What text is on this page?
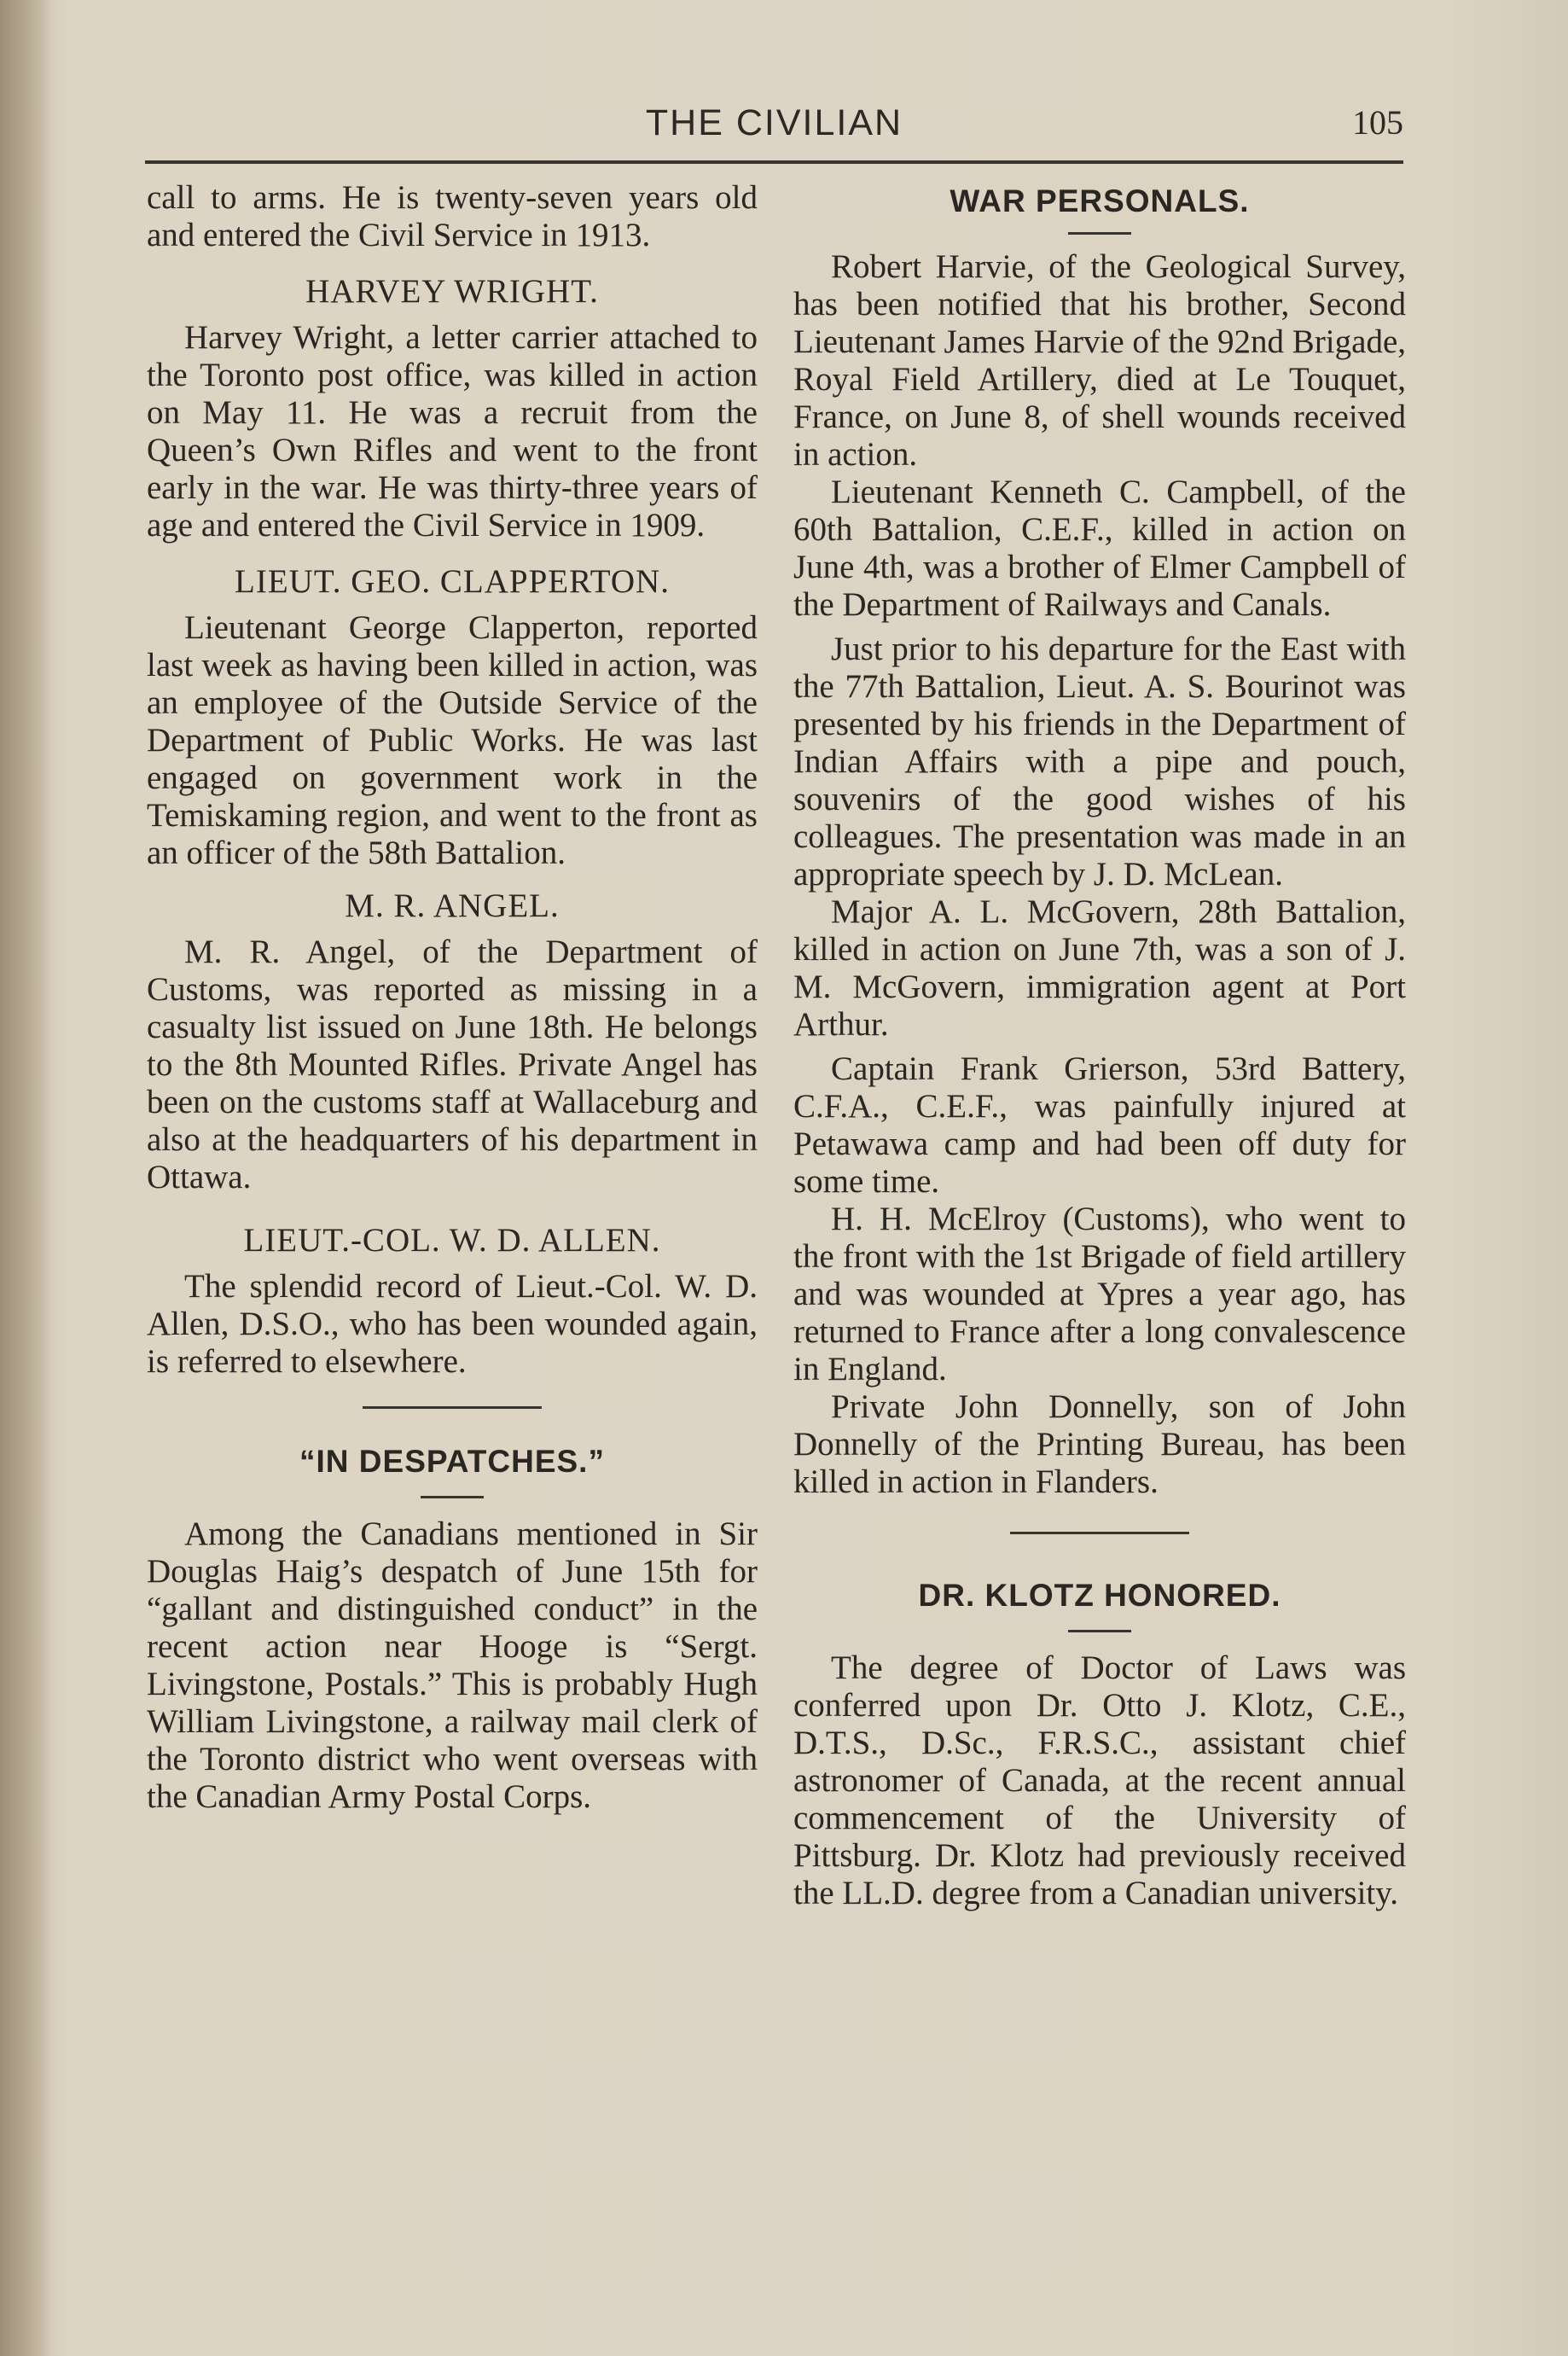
THE CIVILIAN	105

call to arms. He is twenty-seven years old and entered the Civil Service in 1913.

HARVEY WRIGHT.

Harvey Wright, a letter carrier attached to the Toronto post office, was killed in action on May 11. He was a recruit from the Queen’s Own Rifles and went to the front early in the war. He was thirty-three years of age and entered the Civil Service in 1909.

LIEUT. GEO. CLAPPERTON.

Lieutenant George Clapperton, reported last week as having been killed in action, was an employee of the Outside Service of the Department of Public Works. He was last engaged on government work in the Temiskaming region, and went to the front as an officer of the 58th Battalion.

M. R. ANGEL.

M. R. Angel, of the Department of Customs, was reported as missing in a casualty list issued on June 18th. He belongs to the 8th Mounted Rifles. Private Angel has been on the customs staff at Wallaceburg and also at the headquarters of his department in Ottawa.

LIEUT.-COL. W. D. ALLEN.

The splendid record of Lieut.-Col. W. D. Allen, D.S.O., who has been wounded again, is referred to elsewhere.

“IN DESPATCHES.”

Among the Canadians mentioned in Sir Douglas Haig’s despatch of June 15th for “gallant and distinguished conduct” in the recent action near Hooge is “Sergt. Livingstone, Postals.” This is probably Hugh William Livingstone, a railway mail clerk of the Toronto district who went overseas with the Canadian Army Postal Corps.

WAR PERSONALS.

Robert Harvie, of the Geological Survey, has been notified that his brother, Second Lieutenant James Harvie of the 92nd Brigade, Royal Field Artillery, died at Le Touquet, France, on June 8, of shell wounds received in action.

Lieutenant Kenneth C. Campbell, of the 60th Battalion, C.E.F., killed in action on June 4th, was a brother of Elmer Campbell of the Department of Railways and Canals.

Just prior to his departure for the East with the 77th Battalion, Lieut. A. S. Bourinot was presented by his friends in the Department of Indian Affairs with a pipe and pouch, souvenirs of the good wishes of his colleagues. The presentation was made in an appropriate speech by J. D. McLean.

Major A. L. McGovern, 28th Battalion, killed in action on June 7th, was a son of J. M. McGovern, immigration agent at Port Arthur.

Captain Frank Grierson, 53rd Battery, C.F.A., C.E.F., was painfully injured at Petawawa camp and had been off duty for some time.

H. H. McElroy (Customs), who went to the front with the 1st Brigade of field artillery and was wounded at Ypres a year ago, has returned to France after a long convalescence in England.

Private John Donnelly, son of John Donnelly of the Printing Bureau, has been killed in action in Flanders.

DR. KLOTZ HONORED.

The degree of Doctor of Laws was conferred upon Dr. Otto J. Klotz, C.E., D.T.S., D.Sc., F.R.S.C., assistant chief astronomer of Canada, at the recent annual commencement of the University of Pittsburg. Dr. Klotz had previously received the LL.D. degree from a Canadian university.
